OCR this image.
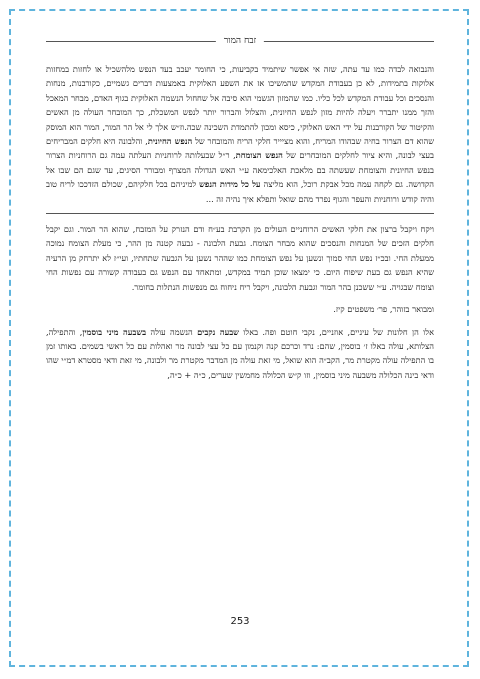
זבח המור

והנבואה לבדה כמו עד עתה, שזה אי אפשר שיתמיד בקביעות, כי החומר יעכב בעד הנפש מלהשכיל או לחזות במחזות אלוקות בתמידות, לא כן בעבודת המקדש שהמשיכו אז את השפע האלוקית באמצעות דברים גשמיים, כקורבנות, מנחות והנסכים וכל עבודת המקדש לכל כליו. כמו שהמזון הגשמי הוא סיבה אל שחחול הנשמה האלוקית בגוף האדם, מבחר המאכל והזך ממנו יתברר ויעלה להיות מזון לנפש החיונית, והצלול והברור יותר לנפש המשכלת, כך המובחר העולה מן האשים והקיטור של הקורבנות על ידי האש האלוקי, כיסא ומכון להתמדת השכינה שכה.וז״ש אלך לי אל הר המור, המור הוא המוסק שהוא דם הצרור בחיה שבהודו המריח, והוא מציייר חלקי הריח והמובחר של הנפש החיונית, והלבונה היא חלקים המבריחים בעצי לבונה, והיא ציור לחלקים המובחרים של הנפש הצומחת, ר״ל שבעלותה לרוחניות העלתה עמה גם הרוחניות הצרור בנפש החיונית והצומחת שעשתה בם מלאכת האלכימאה ע״י האש הגדולה המצרף ומבורר הסיגים, עד שגם הם שבו אל הקדושה. גם לקחה עמה מכל אבקת רוכל, הוא מליצה על כל מידות הנפש למיניהם בכל חלקיהם, שכולם הזדככו לריח טוב והיה קודש ורוחניות והעפר והגוף נפרד מהם שואל ותפלא איך נהיה זה ...

ויקח ויקבל ברצון את חלקי האשים הרוחניים העולים מן הקרבת בע״ח ודם הנזרק על המזבח, שהוא הר המור. וגם יקבל חלקים הזכים של המנחות והנסכים שהוא מבחר הצומח. גבעת הלבונה - גבעה קטנה מן ההר, כי מעלת הצומח נמוכה ממעלת החי. ובכ״ז נפש החי סמוך ונשען על נפש הצומחת כמו שההר נשען על הגבעה שתחתיו, ועי״ז לא יתרחק מן הרעיה שהיא הנפש גם בעת שיפוח היום. כי ימצאו שוכן תמיד במקדש, ומתאחד עם הנפש גם בעבודה קשורה עם נפשות החי וצומח שבגויה. ע״י ששכנן בהר המור וגבעת הלבונה, ויקבל ריח ניחוח גם מנפשות הנתלות בחומר.

ומבואר בזוהר, פר׳ משפטים קיז.

אלו הן חלונות של עיניים, אוזניים, נקבי חוטם ופה. באלו שבעה נקבים הנשמה עולה בשבעה מיני בוסמין, והתפילה, הצלותא, עולה באלו ז׳ בוסמין, שהם: נרד וכרכם קנה וקנמון עם כל עצי לבונה מר ואהלות עם כל ראשי בשמים. באותו זמן בו התפילה עולה מקטרת מר, הקב״ה הוא שואל, מי זאת עולה מן המדבר מקטרת מר ולבונה, מי זאת ודאי מסטרא דמ״י שהו ודאי בינה הכלולה משבעה מיני בוסמין, וזו ק״ש הכלולה מחמשין שערים, כ״ה + כ״ה,

253
